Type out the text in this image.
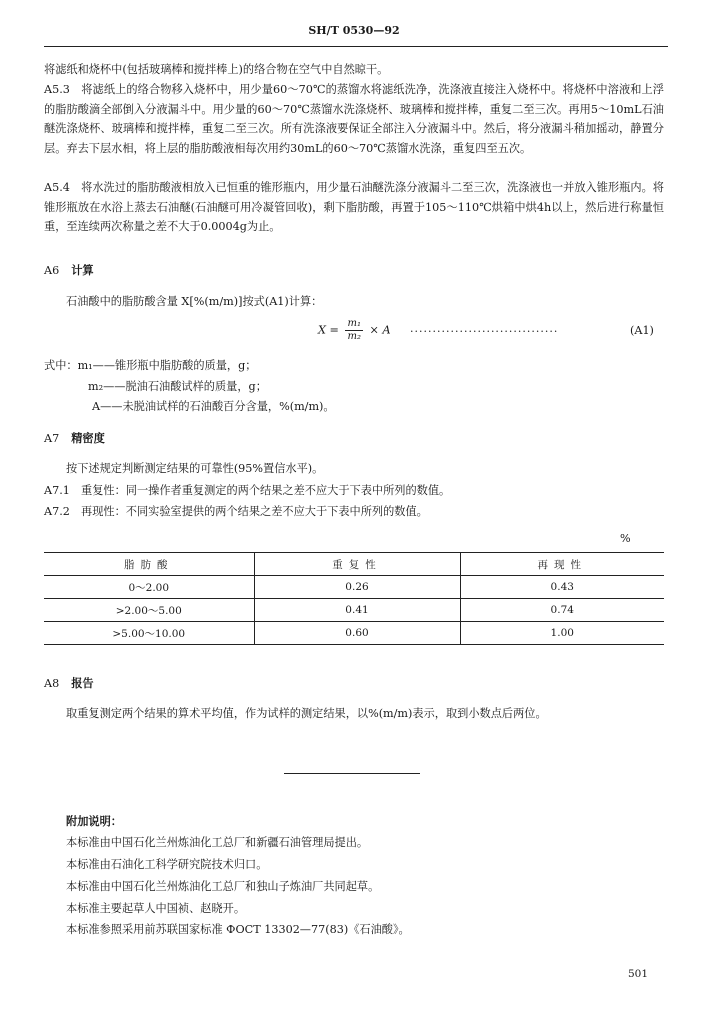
SH/T 0530—92

将滤纸和烧杯中(包括玻璃棒和搅拌棒上)的络合物在空气中自然晾干。

A5.3　将滤纸上的络合物移入烧杯中，用少量60～70℃的蒸馏水将滤纸洗净，洗涤液直接注入烧杯中。将烧杯中溶液和上浮的脂肪酸滴全部倒入分液漏斗中。用少量的60～70℃蒸馏水洗涤烧杯、玻璃棒和搅拌棒，重复二至三次。再用5～10mL石油醚洗涤烧杯、玻璃棒和搅拌棒，重复二至三次。所有洗涤液要保证全部注入分液漏斗中。然后，将分液漏斗稍加摇动，静置分层。弃去下层水相，将上层的脂肪酸液相每次用约30mL的60～70℃蒸馏水洗涤，重复四至五次。

A5.4　将水洗过的脂肪酸液相放入已恒重的锥形瓶内，用少量石油醚洗涤分液漏斗二至三次，洗涤液也一并放入锥形瓶内。将锥形瓶放在水浴上蒸去石油醚(石油醚可用冷凝管回收)，剩下脂肪酸，再置于105～110℃烘箱中烘4h以上，然后进行称量恒重，至连续两次称量之差不大于0.0004g为止。

A6 计算
石油酸中的脂肪酸含量 X[%(m/m)]按式(A1)计算：
$X = \frac{\text{m₁}}{\text{m₂}} \times A$ ·································	(A1)
式中：m₁——锥形瓶中脂肪酸的质量，g；
m₂——脱油石油酸试样的质量，g；
A——未脱油试样的石油酸百分含量，%(m/m)。
A7 精密度
按下述规定判断测定结果的可靠性(95%置信水平)。
A7.1　重复性：同一操作者重复测定的两个结果之差不应大于下表中所列的数值。
A7.2　再现性：不同实验室提供的两个结果之差不应大于下表中所列的数值。
%
脂肪酸	重复性	再现性
0～2.00	0.26	0.43
>2.00～5.00	0.41	0.74
>5.00～10.00	0.60	1.00
A8 报告

取重复测定两个结果的算术平均值，作为试样的测定结果，以%(m/m)表示，取到小数点后两位。

附加说明：
本标准由中国石化兰州炼油化工总厂和新疆石油管理局提出。
本标准由石油化工科学研究院技术归口。
本标准由中国石化兰州炼油化工总厂和独山子炼油厂共同起草。
本标准主要起草人中国祯、赵晓开。
本标准参照采用前苏联国家标准 ФОСТ 13302—77(83)《石油酸》。
501
